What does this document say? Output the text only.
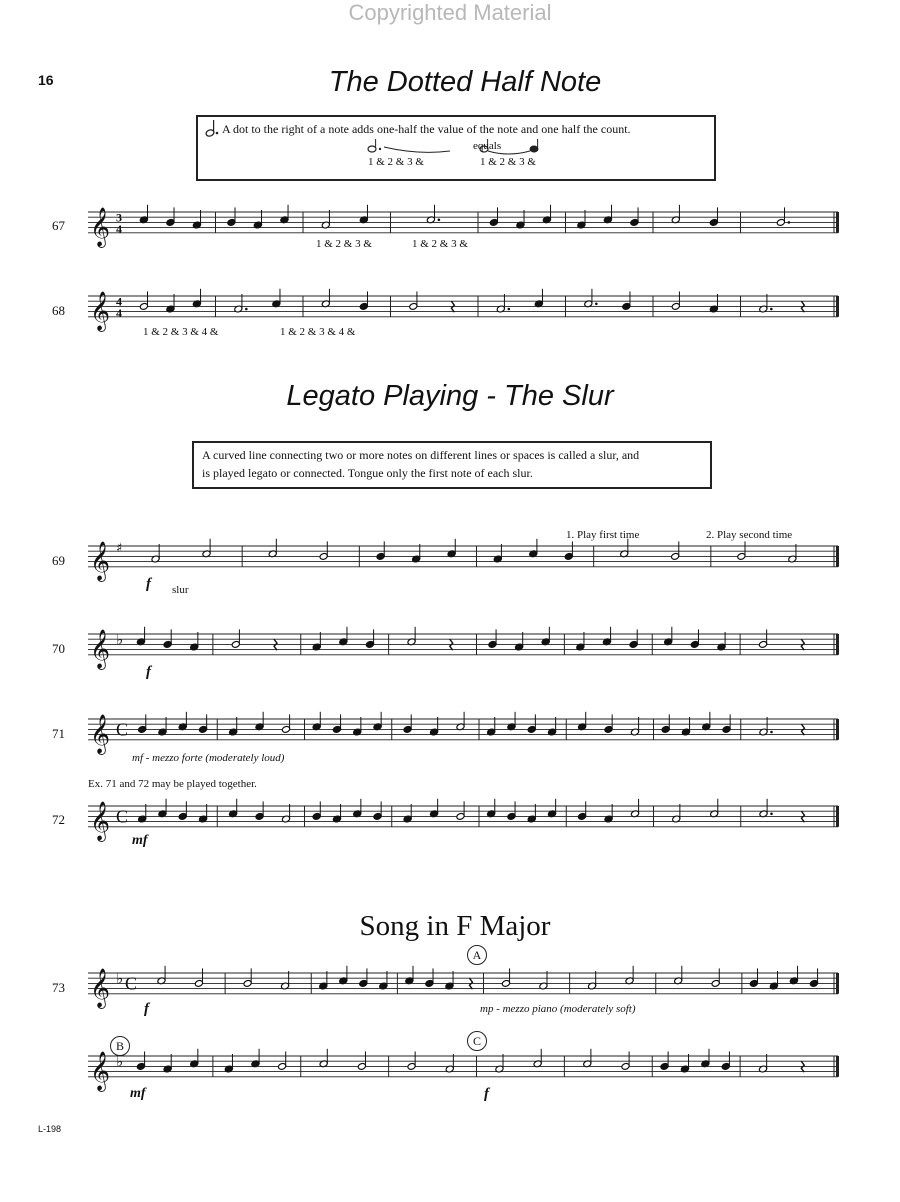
Copyrighted Material
16	The Dotted Half Note
A dot to the right of a note adds one-half the value of the note and one half the count.
equals
1 & 2 & 3 &	1 & 2 & 3 &
67
1 & 2 & 3 &	1 & 2 & 3 &
68
1 & 2 & 3 & 4 &	1 & 2 & 3 & 4 &
Legato Playing - The Slur
A curved line connecting two or more notes on different lines or spaces is called a slur, and
is played legato or connected. Tongue only the first note of each slur.
69
f slur
1. Play first time	2. Play second time
70
f
71
mf - mezzo forte (moderately loud)
Ex. 71 and 72 may be played together.
72
mf
Song in F Major
73
f
A
mp - mezzo piano (moderately soft)
B	C
mf	f
L-198
𝄞 3
4
𝄞 4
4
𝄞 ♯
𝄞 ♭
𝄞 C
𝄞 C
𝄞 ♭ C
𝄞 ♭
